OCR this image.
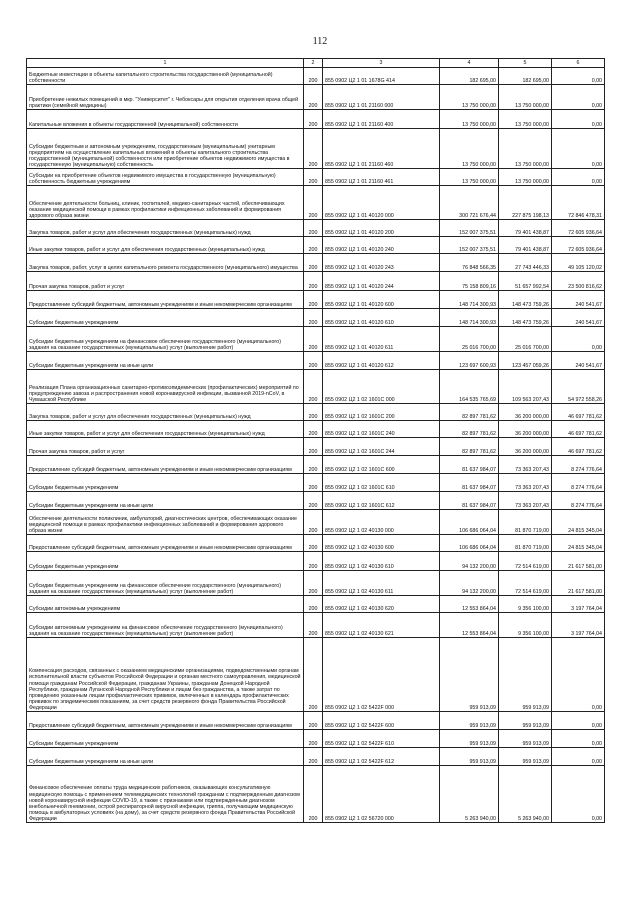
112
1	2	3	4	5	6
Бюджетные инвестиции в объекты капитального строительства государственной (муниципальной) собственности	200	855 0902 Ц2 1 01 1678G 414	182 695,00	182 695,00	0,00
Приобретение нежилых помещений в мкр. "Университет" г. Чебоксары для открытия отделения врача общей практики (семейной медицины)	200	855 0902 Ц2 1 01 21160 000	13 750 000,00	13 750 000,00	0,00
Капитальные вложения в объекты государственной (муниципальной) собственности	200	855 0902 Ц2 1 01 21160 400	13 750 000,00	13 750 000,00	0,00
Субсидии бюджетным и автономным учреждениям, государственным (муниципальным) унитарным предприятиям на осуществление капитальных вложений в объекты капитального строительства государственной (муниципальной) собственности или приобретение объектов недвижимого имущества в государственную (муниципальную) собственность	200	855 0902 Ц2 1 01 21160 460	13 750 000,00	13 750 000,00	0,00
Субсидии на приобретение объектов недвижимого имущества в государственную (муниципальную) собственность бюджетным учреждениям	200	855 0902 Ц2 1 01 21160 461	13 750 000,00	13 750 000,00	0,00
Обеспечение деятельности больниц, клиник, госпиталей, медико-санитарных частей, обеспечивающих оказание медицинской помощи в рамках профилактики инфекционных заболеваний и формирования здорового образа жизни	200	855 0902 Ц2 1 01 40120 000	300 721 676,44	227 875 198,13	72 846 478,31
Закупка товаров, работ и услуг для обеспечения государственных (муниципальных) нужд	200	855 0902 Ц2 1 01 40120 200	152 007 375,51	79 401 438,87	72 605 936,64
Иные закупки товаров, работ и услуг для обеспечения государственных (муниципальных) нужд	200	855 0902 Ц2 1 01 40120 240	152 007 375,51	79 401 438,87	72 605 936,64
Закупка товаров, работ, услуг в целях капитального ремонта государственного (муниципального) имущества	200	855 0902 Ц2 1 01 40120 243	76 848 566,35	27 743 446,33	49 105 120,02
Прочая закупка товаров, работ и услуг	200	855 0902 Ц2 1 01 40120 244	75 158 809,16	51 657 992,54	23 500 816,62
Предоставление субсидий бюджетным, автономным учреждениям и иным некоммерческим организациям	200	855 0902 Ц2 1 01 40120 600	148 714 300,93	148 473 759,26	240 541,67
Субсидии бюджетным учреждениям	200	855 0902 Ц2 1 01 40120 610	148 714 300,93	148 473 759,26	240 541,67
Субсидии бюджетным учреждениям на финансовое обеспечение государственного (муниципального) задания на оказание государственных (муниципальных) услуг (выполнение работ)	200	855 0902 Ц2 1 01 40120 611	25 016 700,00	25 016 700,00	0,00
Субсидии бюджетным учреждениям на иные цели	200	855 0902 Ц2 1 01 40120 612	123 697 600,93	123 457 059,26	240 541,67
Реализация Плана организационных санитарно-противоэпидемических (профилактических) мероприятий по предупреждению завоза и распространения новой коронавирусной инфекции, вызванной 2019-nCoV, в Чувашской Республике	200	855 0902 Ц2 1 02 1601С 000	164 535 765,69	109 563 207,43	54 972 558,26
Закупка товаров, работ и услуг для обеспечения государственных (муниципальных) нужд	200	855 0902 Ц2 1 02 1601С 200	82 897 781,62	36 200 000,00	46 697 781,62
Иные закупки товаров, работ и услуг для обеспечения государственных (муниципальных) нужд	200	855 0902 Ц2 1 02 1601С 240	82 897 781,62	36 200 000,00	46 697 781,62
Прочая закупка товаров, работ и услуг	200	855 0902 Ц2 1 02 1601С 244	82 897 781,62	36 200 000,00	46 697 781,62
Предоставление субсидий бюджетным, автономным учреждениям и иным некоммерческим организациям	200	855 0902 Ц2 1 02 1601С 600	81 637 984,07	73 363 207,43	8 274 776,64
Субсидии бюджетным учреждениям	200	855 0902 Ц2 1 02 1601С 610	81 637 984,07	73 363 207,43	8 274 776,64
Субсидии бюджетным учреждениям на иные цели	200	855 0902 Ц2 1 02 1601С 612	81 637 984,07	73 363 207,43	8 274 776,64
Обеспечение деятельности поликлиник, амбулаторий, диагностических центров, обеспечивающих оказание медицинской помощи в рамках профилактики инфекционных заболеваний и формирования здорового образа жизни	200	855 0902 Ц2 1 02 40130 000	106 686 064,04	81 870 719,00	24 815 345,04
Предоставление субсидий бюджетным, автономным учреждениям и иным некоммерческим организациям	200	855 0902 Ц2 1 02 40130 600	106 686 064,04	81 870 719,00	24 815 345,04
Субсидии бюджетным учреждениям	200	855 0902 Ц2 1 02 40130 610	94 132 200,00	72 514 619,00	21 617 581,00
Субсидии бюджетным учреждениям на финансовое обеспечение государственного (муниципального) задания на оказание государственных (муниципальных) услуг (выполнение работ)	200	855 0902 Ц2 1 02 40130 611	94 132 200,00	72 514 619,00	21 617 581,00
Субсидии автономным учреждениям	200	855 0902 Ц2 1 02 40130 620	12 553 864,04	9 356 100,00	3 197 764,04
Субсидии автономным учреждениям на финансовое обеспечение государственного (муниципального) задания на оказание государственных (муниципальных) услуг (выполнение работ)	200	855 0902 Ц2 1 02 40130 621	12 553 864,04	9 356 100,00	3 197 764,04
Компенсация расходов, связанных с оказанием медицинскими организациями, подведомственными органам исполнительной власти субъектов Российской Федерации и органам местного самоуправления, медицинской помощи гражданам Российской Федерации, гражданам Украины, гражданам Донецкой Народной Республики, гражданам Луганской Народной Республики и лицам без гражданства, а также затрат по проведению указанным лицам профилактических прививок, включенных в календарь профилактических прививок по эпидемическим показаниям, за счет средств резервного фонда Правительства Российской Федерации	200	855 0902 Ц2 1 02 5422F 000	959 913,09	959 913,09	0,00
Предоставление субсидий бюджетным, автономным учреждениям и иным некоммерческим организациям	200	855 0902 Ц2 1 02 5422F 600	959 913,09	959 913,09	0,00
Субсидии бюджетным учреждениям	200	855 0902 Ц2 1 02 5422F 610	959 913,09	959 913,09	0,00
Субсидии бюджетным учреждениям на иные цели	200	855 0902 Ц2 1 02 5422F 612	959 913,09	959 913,09	0,00
Финансовое обеспечение оплаты труда медицинских работников, оказывающих консультативную медицинскую помощь с применением телемедицинских технологий гражданам с подтвержденным диагнозом новой коронавирусной инфекции COVID-19, а также с признаками или подтвержденным диагнозом внебольничной пневмонии, острой респираторной вирусной инфекции, гриппа, получающим медицинскую помощь в амбулаторных условиях (на дому), за счет средств резервного фонда Правительства Российской Федерации	200	855 0902 Ц2 1 02 56720 000	5 263 940,00	5 263 940,00	0,00
